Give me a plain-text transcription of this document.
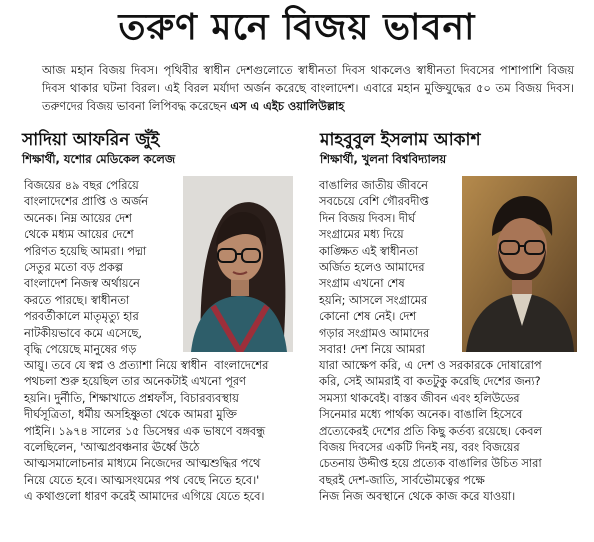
তরুণ মনে বিজয় ভাবনা
আজ মহান বিজয় দিবস। পৃথিবীর স্বাধীন দেশগুলোতে স্বাধীনতা দিবস থাকলেও স্বাধীনতা দিবসের পাশাপাশি বিজয় দিবস থাকার ঘটনা বিরল। এই বিরল মর্যাদা অর্জন করেছে বাংলাদেশ। এবারে মহান মুক্তিযুদ্ধের ৫০ তম বিজয় দিবস। তরুণদের বিজয় ভাবনা লিপিবদ্ধ করেছেন এস এ এইচ ওয়ালিউল্লাহ
সাদিয়া আফরিন জুঁই
শিক্ষার্থী, যশোর মেডিকেল কলেজ
বিজয়ের ৪৯ বছর পেরিয়ে
বাংলাদেশের প্রাপ্তি ও অর্জন
অনেক। নিম্ন আয়ের দেশ
থেকে মধ্যম আয়ের দেশে
পরিণত হয়েছি আমরা। পদ্মা
সেতুর মতো বড় প্রকল্প
বাংলাদেশ নিজস্ব অর্থায়নে
করতে পারছে। স্বাধীনতা
পরবর্তীকালে মাতৃমৃত্যু হার
নাটকীয়ভাবে কমে এসেছে,
বৃদ্ধি পেয়েছে মানুষের গড়
আয়ু। তবে যে স্বপ্ন ও প্রত্যাশা নিয়ে স্বাধীন  বাংলাদেশের
পথচলা শুরু হয়েছিল তার অনেকটাই এখনো পূরণ
হয়নি। দুর্নীতি, শিক্ষাখাতে প্রশ্নফাঁস, বিচারব্যবস্থায়
দীর্ঘসূত্রিতা, ধর্মীয় অসহিষ্ণুতা থেকে আমরা মুক্তি
পাইনি। ১৯৭৪ সালের ১৫ ডিসেম্বর এক ভাষণে বঙ্গবন্ধু
বলেছিলেন, 'আত্মপ্রবঞ্চনার ঊর্ধ্বে উঠে
আত্মসমালোচনার মাধ্যমে নিজেদের আত্মশুদ্ধির পথে
নিয়ে যেতে হবে। আত্মসংযমের পথ বেছে নিতে হবে।'
এ কথাগুলো ধারণ করেই আমাদের এগিয়ে যেতে হবে।
মাহবুবুল ইসলাম আকাশ
শিক্ষার্থী, খুলনা বিশ্ববিদ্যালয়
বাঙালির জাতীয় জীবনে
সবচেয়ে বেশি গৌরবদীপ্ত
দিন বিজয় দিবস। দীর্ঘ
সংগ্রামের মধ্য দিয়ে
কাঙ্ক্ষিত এই স্বাধীনতা
অর্জিত হলেও আমাদের
সংগ্রাম এখনো শেষ
হয়নি; আসলে সংগ্রামের
কোনো শেষ নেই। দেশ
গড়ার সংগ্রামও আমাদের
সবার! দেশ নিয়ে আমরা
যারা আক্ষেপ করি, এ দেশ ও সরকারকে দোষারোপ
করি, সেই আমরাই বা কতটুকু করেছি দেশের জন্য?
সমস্যা থাকবেই। বাস্তব জীবন এবং হলিউডের
সিনেমার মধ্যে পার্থক্য অনেক। বাঙালি হিসেবে
প্রত্যেকেরই দেশের প্রতি কিছু কর্তব্য রয়েছে। কেবল
বিজয় দিবসের একটি দিনই নয়, বরং বিজয়ের
চেতনায় উদ্দীপ্ত হয়ে প্রত্যেক বাঙালির উচিত সারা
বছরই দেশ-জাতি, সার্বভৌমত্বের পক্ষে
নিজ নিজ অবস্থানে থেকে কাজ করে যাওয়া।
